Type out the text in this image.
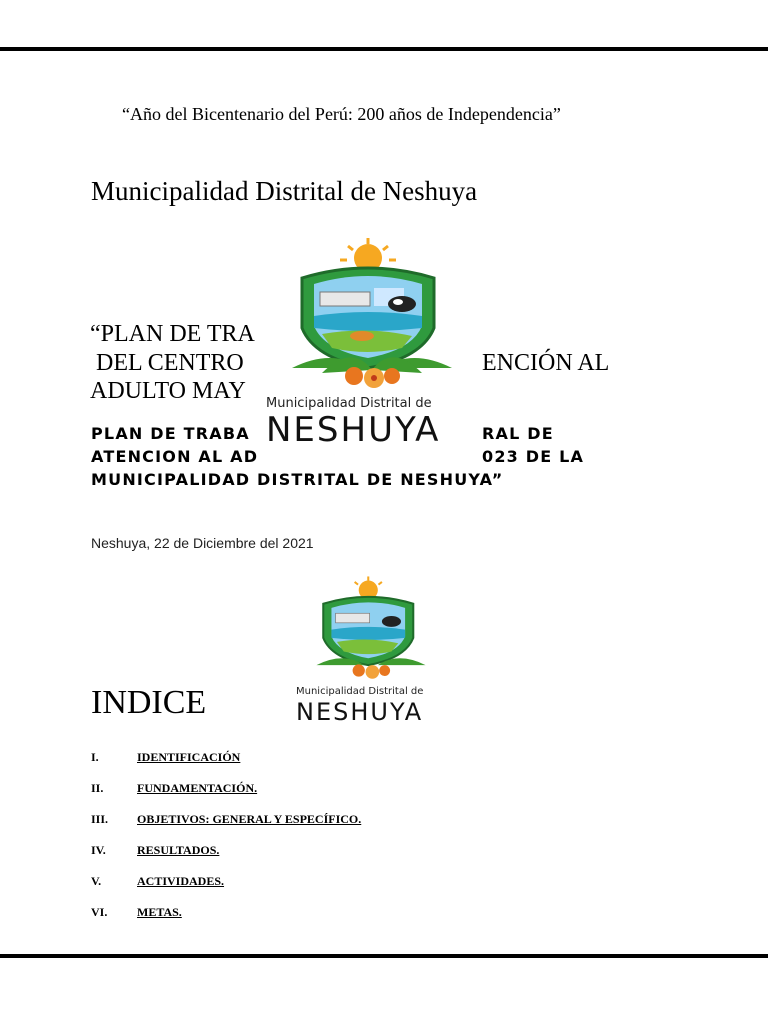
“Año del Bicentenario del Perú: 200 años de Independencia”
Municipalidad Distrital de Neshuya
“PLAN DE TRA
DEL CENTRO	ENCIÓN AL
ADULTO MAY
PLAN DE TRABA	RAL DE
ATENCION AL AD	023 DE LA
MUNICIPALIDAD DISTRITAL DE NESHUYA”
Municipalidad Distrital de
NESHUYA
Neshuya, 22 de Diciembre del 2021
Municipalidad Distrital de
NESHUYA
INDICE
I.	IDENTIFICACIÓN
II.	FUNDAMENTACIÓN.
III. OBJETIVOS: GENERAL Y ESPECÍFICO.
IV.	RESULTADOS.
V.	ACTIVIDADES.
VI. METAS.
